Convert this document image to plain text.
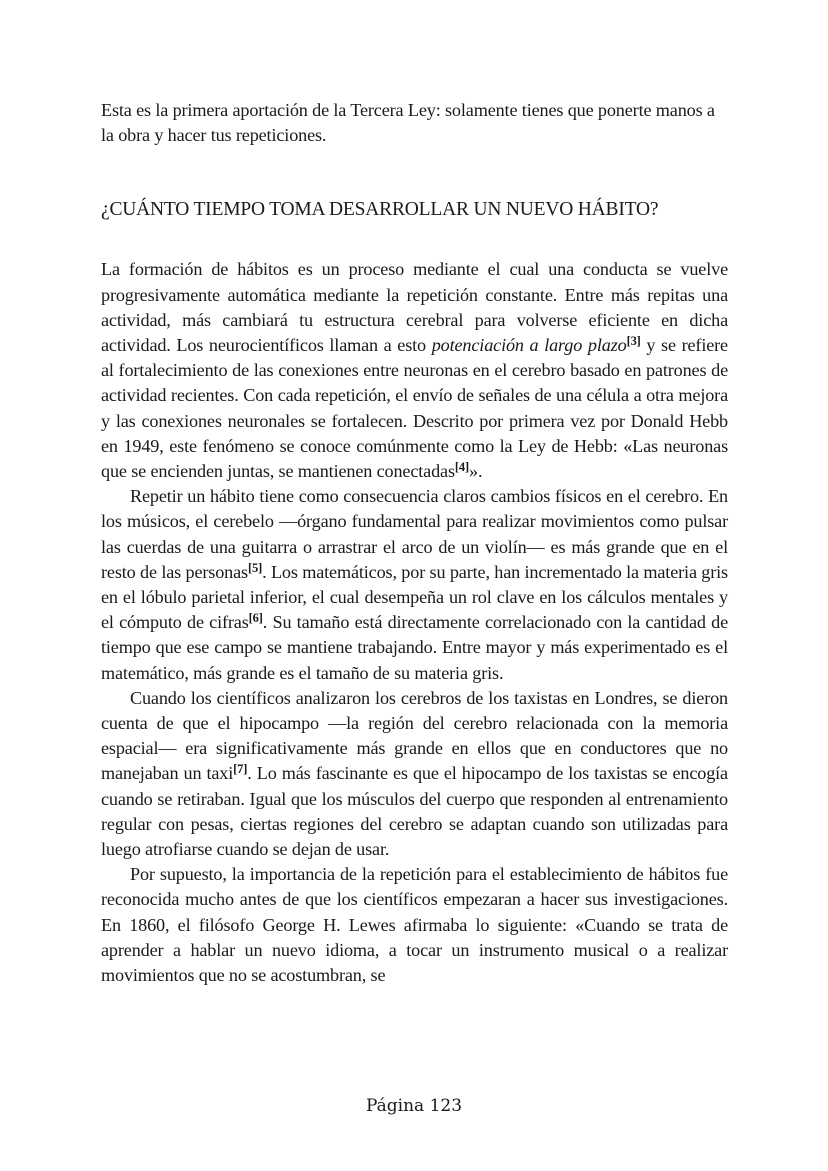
Esta es la primera aportación de la Tercera Ley: solamente tienes que ponerte manos a la obra y hacer tus repeticiones.

¿CUÁNTO TIEMPO TOMA DESARROLLAR UN NUEVO HÁBITO?

La formación de hábitos es un proceso mediante el cual una conducta se vuelve progresivamente automática mediante la repetición constante. Entre más repitas una actividad, más cambiará tu estructura cerebral para volverse eficiente en dicha actividad. Los neurocientíficos llaman a esto potenciación a largo plazo[3] y se refiere al fortalecimiento de las conexiones entre neuronas en el cerebro basado en patrones de actividad recientes. Con cada repetición, el envío de señales de una célula a otra mejora y las conexiones neuronales se fortalecen. Descrito por primera vez por Donald Hebb en 1949, este fenómeno se conoce comúnmente como la Ley de Hebb: «Las neuronas que se encienden juntas, se mantienen conectadas[4]».

Repetir un hábito tiene como consecuencia claros cambios físicos en el cerebro. En los músicos, el cerebelo —órgano fundamental para realizar movimientos como pulsar las cuerdas de una guitarra o arrastrar el arco de un violín— es más grande que en el resto de las personas[5]. Los matemáticos, por su parte, han incrementado la materia gris en el lóbulo parietal inferior, el cual desempeña un rol clave en los cálculos mentales y el cómputo de cifras[6]. Su tamaño está directamente correlacionado con la cantidad de tiempo que ese campo se mantiene trabajando. Entre mayor y más experimentado es el matemático, más grande es el tamaño de su materia gris.

Cuando los científicos analizaron los cerebros de los taxistas en Londres, se dieron cuenta de que el hipocampo —la región del cerebro relacionada con la memoria espacial— era significativamente más grande en ellos que en conductores que no manejaban un taxi[7]. Lo más fascinante es que el hipocampo de los taxistas se encogía cuando se retiraban. Igual que los músculos del cuerpo que responden al entrenamiento regular con pesas, ciertas regiones del cerebro se adaptan cuando son utilizadas para luego atrofiarse cuando se dejan de usar.

Por supuesto, la importancia de la repetición para el establecimiento de hábitos fue reconocida mucho antes de que los científicos empezaran a hacer sus investigaciones. En 1860, el filósofo George H. Lewes afirmaba lo siguiente: «Cuando se trata de aprender a hablar un nuevo idioma, a tocar un instrumento musical o a realizar movimientos que no se acostumbran, se

Página 123
